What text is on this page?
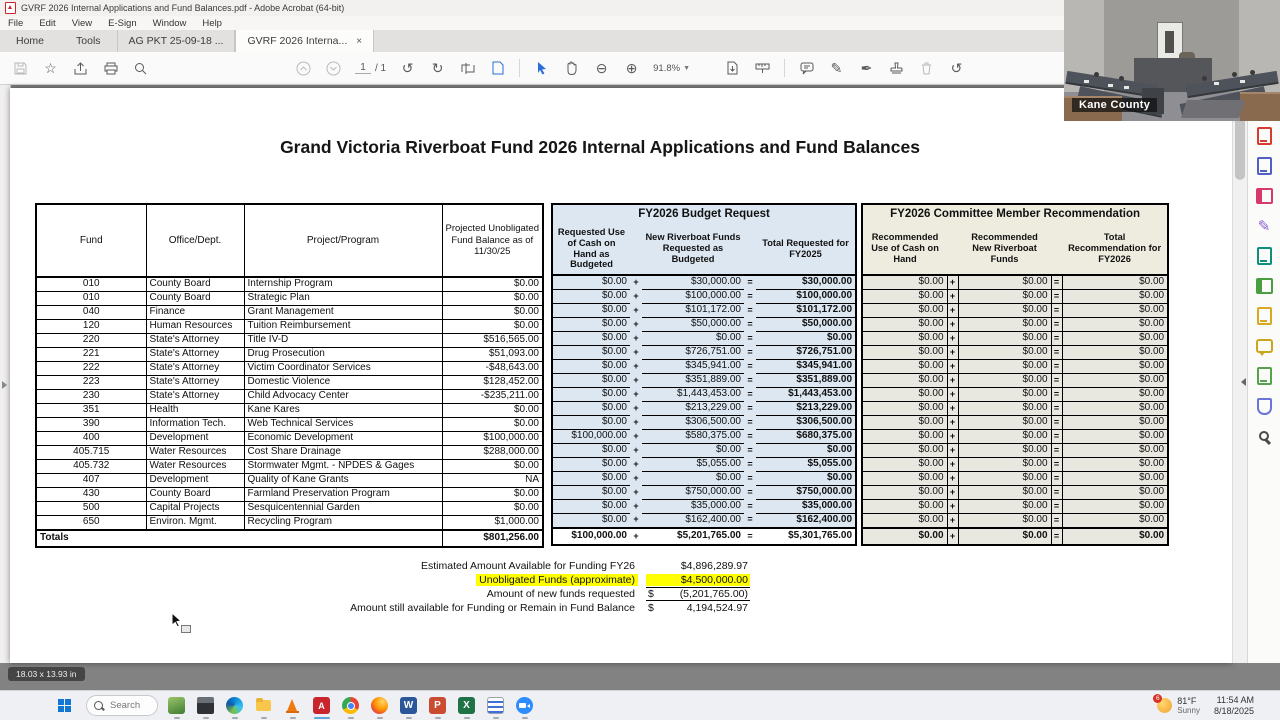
GVRF 2026 Internal Applications and Fund Balances.pdf - Adobe Acrobat (64-bit)
File	Edit	View	E-Sign	Window	Help
Home	Tools	AG PKT 25-09-18 ... GVRF 2026 Interna... ×
☆	1 / 1 ↺ ↻	⊖ ⊕ 91.8% ▼	✎ ✒	↺
Grand Victoria Riverboat Fund 2026 Internal Applications and Fund Balances
Fund	Office/Dept.	Project/Program	Projected Unobligated Fund Balance as of 11/30/25
010	County Board	Internship Program	$0.00
010	County Board	Strategic Plan	$0.00
040	Finance	Grant Management	$0.00
120	Human Resources	Tuition Reimbursement	$0.00
220	State's Attorney	Title IV-D	$516,565.00
221	State's Attorney	Drug Prosecution	$51,093.00
222	State's Attorney	Victim Coordinator Services	-$48,643.00
223	State's Attorney	Domestic Violence	$128,452.00
230	State's Attorney	Child Advocacy Center	-$235,211.00
351	Health	Kane Kares	$0.00
390	Information Tech.	Web Technical Services	$0.00
400	Development	Economic Development	$100,000.00
405.715	Water Resources	Cost Share Drainage	$288,000.00
405.732	Water Resources	Stormwater Mgmt. - NPDES & Gages	$0.00
407	Development	Quality of Kane Grants	NA
430	County Board	Farmland Preservation Program	$0.00
500	Capital Projects	Sesquicentennial Garden	$0.00
650	Environ. Mgmt.	Recycling Program	$1,000.00
Totals			$801,256.00
FY2026 Budget Request				
Requested Use of Cash on Hand as Budgeted		New Riverboat Funds Requested as Budgeted		Total Requested for FY2025
$0.00	+	$30,000.00	=	$30,000.00
$0.00	+	$100,000.00	=	$100,000.00
$0.00	+	$101,172.00	=	$101,172.00
$0.00	+	$50,000.00	=	$50,000.00
$0.00	+	$0.00	=	$0.00
$0.00	+	$726,751.00	=	$726,751.00
$0.00	+	$345,941.00	=	$345,941.00
$0.00	+	$351,889.00	=	$351,889.00
$0.00	+	$1,443,453.00	=	$1,443,453.00
$0.00	+	$213,229.00	=	$213,229.00
$0.00	+	$306,500.00	=	$306,500.00
$100,000.00	+	$580,375.00	=	$680,375.00
$0.00	+	$0.00	=	$0.00
$0.00	+	$5,055.00	=	$5,055.00
$0.00	+	$0.00	=	$0.00
$0.00	+	$750,000.00	=	$750,000.00
$0.00	+	$35,000.00	=	$35,000.00
$0.00	+	$162,400.00	=	$162,400.00
$100,000.00	+	$5,201,765.00	=	$5,301,765.00
FY2026 Committee Member Recommendation				
Recommended Use of Cash on Hand		Recommended New Riverboat Funds		Total Recommendation for FY2026
$0.00	+	$0.00	=	$0.00
$0.00	+	$0.00	=	$0.00
$0.00	+	$0.00	=	$0.00
$0.00	+	$0.00	=	$0.00
$0.00	+	$0.00	=	$0.00
$0.00	+	$0.00	=	$0.00
$0.00	+	$0.00	=	$0.00
$0.00	+	$0.00	=	$0.00
$0.00	+	$0.00	=	$0.00
$0.00	+	$0.00	=	$0.00
$0.00	+	$0.00	=	$0.00
$0.00	+	$0.00	=	$0.00
$0.00	+	$0.00	=	$0.00
$0.00	+	$0.00	=	$0.00
$0.00	+	$0.00	=	$0.00
$0.00	+	$0.00	=	$0.00
$0.00	+	$0.00	=	$0.00
$0.00	+	$0.00	=	$0.00
$0.00	+	$0.00	=	$0.00
Estimated Amount Available for Funding FY26	$4,896,289.97
Unobligated Funds (approximate)	$4,500,000.00
Amount of new funds requested $ (5,201,765.00)
Amount still available for Funding or Remain in Fund Balance $	4,194,524.97
18.03 x 13.93 in
✎
Kane County
Search
A	W	P	X
6 81°F
Sunny
11:54 AM
8/18/2025
